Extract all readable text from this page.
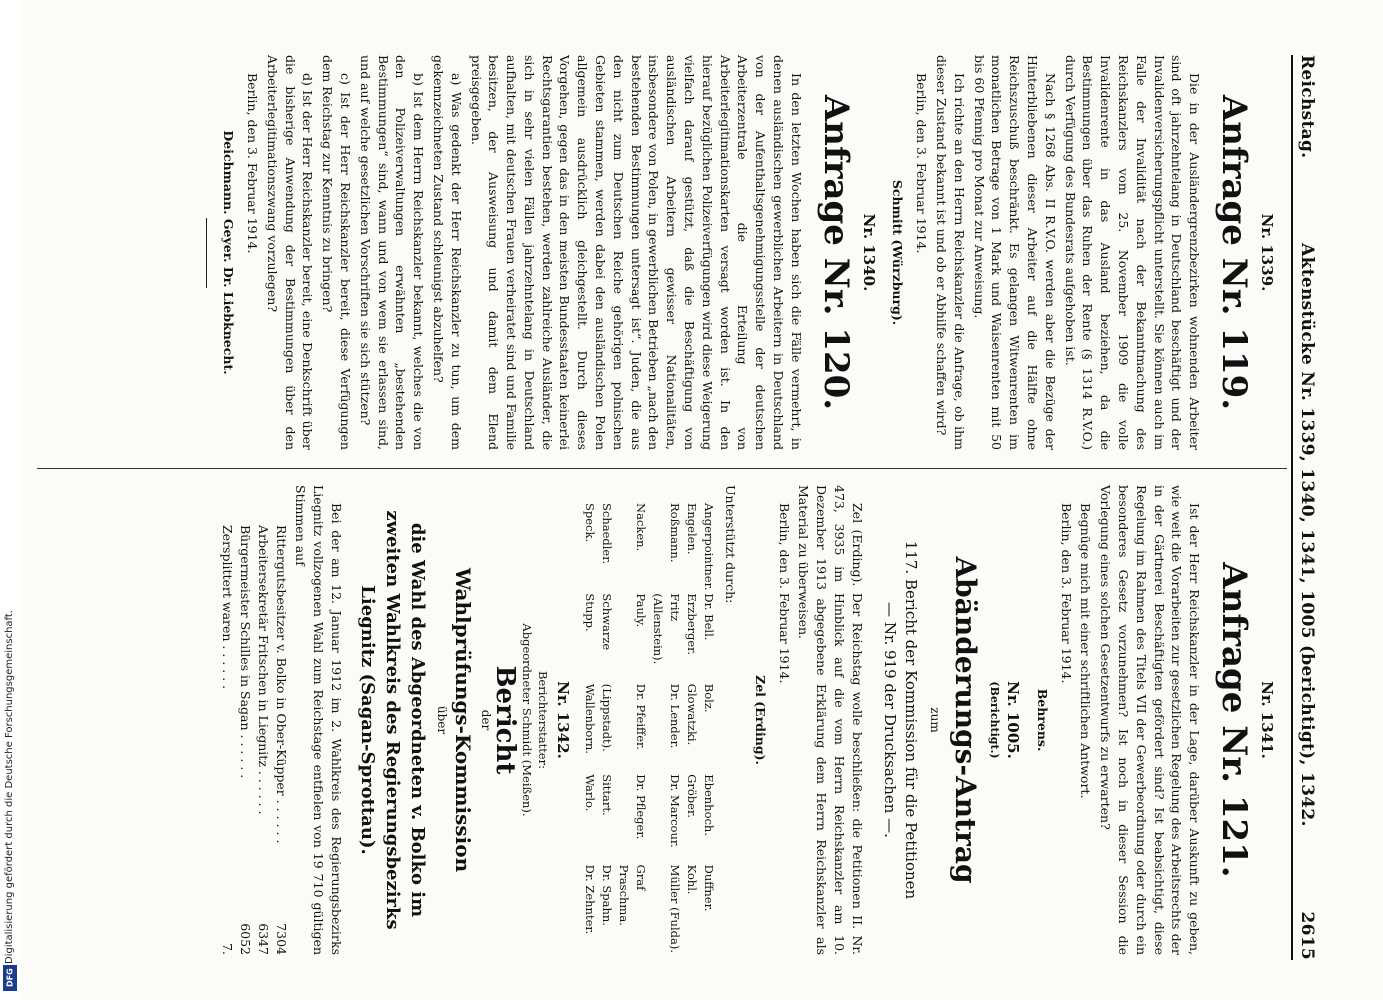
Reichstag.
Aktenstücke Nr. 1339, 1340, 1341, 1005 (berichtigt), 1342.
2615
Nr. 1339.
Anfrage Nr. 119.

Die in der Ausländergrenzbezirken wohnenden Arbeiter sind oft jahrzehntelang in Deutschland beschäftigt und der Invalidenversicherungspflicht unterstellt. Sie können auch im Falle der Invalidität nach der Bekanntmachung des Reichskanzlers vom 25. November 1909 die volle Invalidenrente in das Ausland beziehen, da die Bestimmungen über das Ruhen der Rente (§ 1314 R.V.O.) durch Verfügung des Bundesrats aufgehoben ist.

Nach § 1268 Abs. II R.V.O. werden aber die Bezüge der Hinterbliebenen dieser Arbeiter auf die Hälfte ohne Reichszuschuß beschränkt. Es gelangen Witwenrenten im monatlichen Betrage von 1 Mark und Waisenrenten mit 50 bis 60 Pfennig pro Monat zur Anweisung.

Ich richte an den Herrn Reichskanzler die Anfrage, ob ihm dieser Zustand bekannt ist und ob er Abhilfe schaffen wird?

Berlin, den 3. Februar 1914.
Schmitt (Würzburg).
Nr. 1340.
Anfrage Nr. 120.

In den letzten Wochen haben sich die Fälle vermehrt, in denen ausländischen gewerblichen Arbeitern in Deutschland von der Aufenthaltsgenehmigungsstelle der deutschen Arbeiterzentrale die Erteilung von Arbeiterlegitimationskarten versagt worden ist. In den hierauf bezüglichen Polizeiverfügungen wird diese Weigerung vielfach darauf gestützt, daß die Beschäftigung von ausländischen Arbeitern gewisser Nationalitäten, insbesondere von Polen, in gewerblichen Betrieben „nach den bestehenden Bestimmungen untersagt ist“. Juden, die aus den nicht zum Deutschen Reiche gehörigen polnischen Gebieten stammen, werden dabei den ausländischen Polen allgemein ausdrücklich gleichgestellt. Durch dieses Vorgehen, gegen das in den meisten Bundesstaaten keinerlei Rechtsgarantien bestehen, werden zahlreiche Ausländer, die sich in sehr vielen Fällen jahrzehntelang in Deutschland aufhalten, mit deutschen Frauen verheiratet sind und Familie besitzen, der Ausweisung und damit dem Elend preisgegeben.

a) Was gedenkt der Herr Reichskanzler zu tun, um dem gekennzeichneten Zustand schleunigst abzuhelfen?

b) Ist dem Herrn Reichskanzler bekannt, welches die von den Polizeiverwaltungen erwähnten „bestehenden Bestimmungen“ sind, wann und von wem sie erlassen sind, und auf welche gesetzlichen Vorschriften sie sich stützen?

c) Ist der Herr Reichskanzler bereit, diese Verfügungen dem Reichstag zur Kenntnis zu bringen?

d) Ist der Herr Reichskanzler bereit, eine Denkschrift über die bisherige Anwendung der Bestimmungen über den Arbeiterlegitimationszwang vorzulegen?

Berlin, den 3. Februar 1914.
Deichmann. Geyer. Dr. Liebknecht.
Nr. 1341.
Anfrage Nr. 121.

Ist der Herr Reichskanzler in der Lage, darüber Auskunft zu geben, wie weit die Vorarbeiten zur gesetzlichen Regelung des Arbeitsrechts der in der Gärtnerei Beschäftigten gefördert sind? Ist beabsichtigt, diese Regelung im Rahmen des Titels VII der Gewerbeordnung oder durch ein besonderes Gesetz vorzunehmen? Ist noch in dieser Session die Vorlegung eines solchen Gesetzentwurfs zu erwarten?

Begnüge mich mit einer schriftlichen Antwort.

Berlin, den 3. Februar 1914.
Behrens.
Nr. 1005.
(Berichtigt.)
Abänderungs-Antrag
zum
117. Bericht der Kommission für die Petitionen
— Nr. 919 der Drucksachen —.

Zel (Erding). Der Reichstag wolle beschließen: die Petitionen II. Nr. 473, 3935 im Hinblick auf die vom Herrn Reichskanzler am 10. Dezember 1913 abgegebene Erklärung dem Herrn Reichskanzler als Material zu überweisen.

Berlin, den 3. Februar 1914.
Zel (Erding).

Unterstützt durch:

Angerpointner.
Dr. Bell.
Bolz.
Ebenhoch.
Duffner.
Engelen.
Erzberger.
Glowatzki.
Gröber.
Kohl.
Roßmann.
Fritz (Allenstein).
Dr. Lender.
Dr. Marcour.
Müller (Fulda).
Nacken.
Pauly.
Dr. Pfeiffer.
Dr. Pfleger.
Graf Praschma.
Schaedler.
Schwarze
(Lippstadt).
Sittart.
Dr. Spahn.
Speck.
Stupp.
Wallenborn.
Warlo.
Dr. Zehnter.
Nr. 1342.
Berichterstatter:
Abgeordneter Schmidt (Meißen).
Bericht
der
Wahlprüfungs-Kommission
über
die Wahl des Abgeordneten v. Bolko im zweiten Wahlkreis des Regierungsbezirks Liegnitz (Sagan-Sprottau).

Bei der am 12. Januar 1912 im 2. Wahlkreis des Regierungsbezirks Liegnitz vollzogenen Wahl zum Reichstage entfielen von 19 710 gültigen Stimmen auf

Rittergutsbesitzer v. Bolko in Ober-Küpper . . . . . .
7304
Arbeitersekretär Fritschen in Liegnitz . . . . . .
6347
Bürgermeister Schilles in Sagan . . . . . .
6052
Zersplittert waren . . . . . .
7.
Digitalisierung gefördert durch die Deutsche Forschungsgemeinschaft.
DFG
